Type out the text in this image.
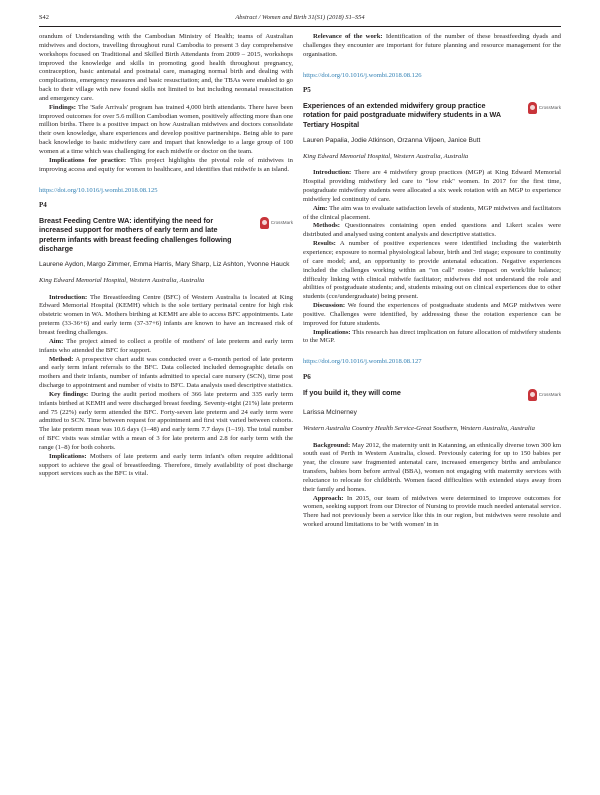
S42	Abstract / Women and Birth 31(S1) (2018) S1–S54

orandum of Understanding with the Cambodian Ministry of Health; teams of Australian midwives and doctors, travelling throughout rural Cambodia to present 3 day comprehensive workshops focused on Traditional and Skilled Birth Attendants from 2009 – 2015, workshops improved the knowledge and skills in promoting good health throughout pregnancy, contraception, basic antenatal and postnatal care, managing normal birth and dealing with complications, emergency measures and basic resuscitation; and, the TBAs were enabled to go back to their village with new found skills not limited to but including neonatal resuscitation and emergency care.

Findings: The 'Safe Arrivals' program has trained 4,000 birth attendants. There have been improved outcomes for over 5.6 million Cambodian women, positively affecting more than one million births. There is a positive impact on how Australian midwives and doctors consolidate their own knowledge, share experiences and develop positive partnerships. Being able to pare back knowledge to basic midwifery care and impart that knowledge to a large group of 100 women at a time which was challenging for each midwife or doctor on the team.

Implications for practice: This project highlights the pivotal role of midwives in improving access and equity for women to healthcare, and identifies that midwife is an island.

https://doi.org/10.1016/j.wombi.2018.08.125
P4
Breast Feeding Centre WA: identifying the need for increased support for mothers of early term and late preterm infants with breast feeding challenges following discharge
CrossMark
Laurene Aydon, Margo Zimmer, Emma Harris, Mary Sharp, Liz Ashton, Yvonne Hauck
King Edward Memorial Hospital, Western Australia, Australia

Introduction: The Breastfeeding Centre (BFC) of Western Australia is located at King Edward Memorial Hospital (KEMH) which is the sole tertiary perinatal centre for high risk obstetric women in WA. Mothers birthing at KEMH are able to access BFC appointments. Late preterm (33-36+6) and early term (37-37+6) infants are known to have an increased risk of breast feeding challenges.

Aim: The project aimed to collect a profile of mothers' of late preterm and early term infants who attended the BFC for support.

Method: A prospective chart audit was conducted over a 6-month period of late preterm and early term infant referrals to the BFC. Data collected included demographic details on mothers and their infants, number of infants admitted to special care nursery (SCN), time post discharge to appointment and number of visits to BFC. Data analysis used descriptive statistics.

Key findings: During the audit period mothers of 366 late preterm and 335 early term infants birthed at KEMH and were discharged breast feeding. Seventy-eight (21%) late preterm and 75 (22%) early term attended the BFC. Forty-seven late preterm and 24 early term were admitted to SCN. Time between request for appointment and first visit varied between cohorts. The late preterm mean was 10.6 days (1–48) and early term 7.7 days (1–19). The total number of BFC visits was similar with a mean of 3 for late preterm and 2.8 for early term with the range (1–8) for both cohorts.

Implications: Mothers of late preterm and early term infant's often require additional support to achieve the goal of breastfeeding. Therefore, timely availability of post discharge support services such as the BFC is vital.

Relevance of the work: Identification of the number of these breastfeeding dyads and challenges they encounter are important for future planning and resource management for the organisation.

https://doi.org/10.1016/j.wombi.2018.08.126
P5
Experiences of an extended midwifery group practice rotation for paid postgraduate midwifery students in a WA Tertiary Hospital
CrossMark
Lauren Papalia, Jodie Atkinson, Orzanna Viljoen, Janice Butt
King Edward Memorial Hospital, Western Australia, Australia

Introduction: There are 4 midwifery group practices (MGP) at King Edward Memorial Hospital providing midwifery led care to "low risk" women. In 2017 for the first time, postgraduate midwifery students were allocated a six week rotation with an MGP to experience midwifery led continuity of care.

Aim: The aim was to evaluate satisfaction levels of students, MGP midwives and facilitators of the clinical placement.

Methods: Questionnaires containing open ended questions and Likert scales were distributed and analysed using content analysis and descriptive statistics.

Results: A number of positive experiences were identified including the waterbirth experience; exposure to normal physiological labour, birth and 3rd stage; exposure to continuity of care model; and, an opportunity to provide antenatal education. Negative experiences included the challenges working within an "on call" roster- impact on work/life balance; difficulty linking with clinical midwife facilitator; midwives did not understand the role and abilities of postgraduate students; and, students missing out on clinical experiences due to other students (cce/undergraduate) being present.

Discussion: We found the experiences of postgraduate students and MGP midwives were positive. Challenges were identified, by addressing these the rotation experience can be improved for future students.

Implications: This research has direct implication on future allocation of midwifery students to the MGP.

https://doi.org/10.1016/j.wombi.2018.08.127
P6
If you build it, they will come	CrossMark
Larissa McInerney
Western Australia Country Health Service-Great Southern, Western Australia, Australia

Background: May 2012, the maternity unit in Katanning, an ethnically diverse town 300 km south east of Perth in Western Australia, closed. Previously catering for up to 150 babies per year, the closure saw fragmented antenatal care, increased emergency births and ambulance transfers, babies born before arrival (BBA), women not engaging with maternity services with reluctance to relocate for childbirth. Women faced difficulties with extended stays away from their family and homes.

Approach: In 2015, our team of midwives were determined to improve outcomes for women, seeking support from our Director of Nursing to provide much needed antenatal service. There had not previously been a service like this in our region, but midwives were resolute and worked around limitations to be 'with women' in in
